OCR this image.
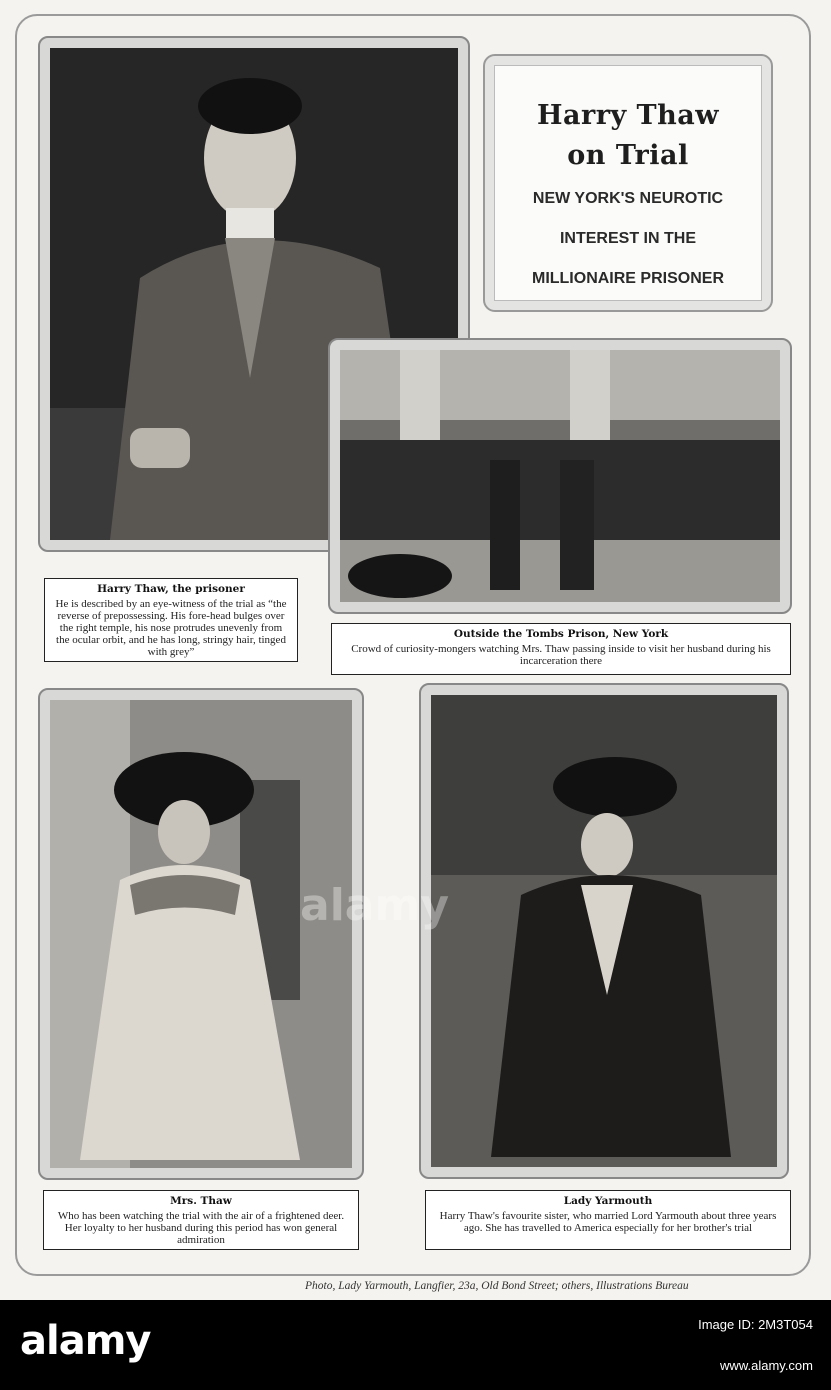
Harry Thaw
on Trial
NEW YORK'S NEUROTIC
INTEREST IN THE
MILLIONAIRE PRISONER
Harry Thaw, the prisoner
He is described by an eye-witness of the trial as “the reverse of prepossessing. His fore-head bulges over the right temple, his nose protrudes unevenly from the ocular orbit, and he has long, stringy hair, tinged with grey”
Outside the Tombs Prison, New York
Crowd of curiosity-mongers watching Mrs. Thaw passing inside to visit her husband during his incarceration there
Mrs. Thaw
Who has been watching the trial with the air of a frightened deer. Her loyalty to her husband during this period has won general admiration
Lady Yarmouth
Harry Thaw's favourite sister, who married Lord Yarmouth about three years ago. She has travelled to America especially for her brother's trial
Photo, Lady Yarmouth, Langfier, 23a, Old Bond Street; others, Illustrations Bureau
alamy
alamy	Image ID: 2M3T054
www.alamy.com
